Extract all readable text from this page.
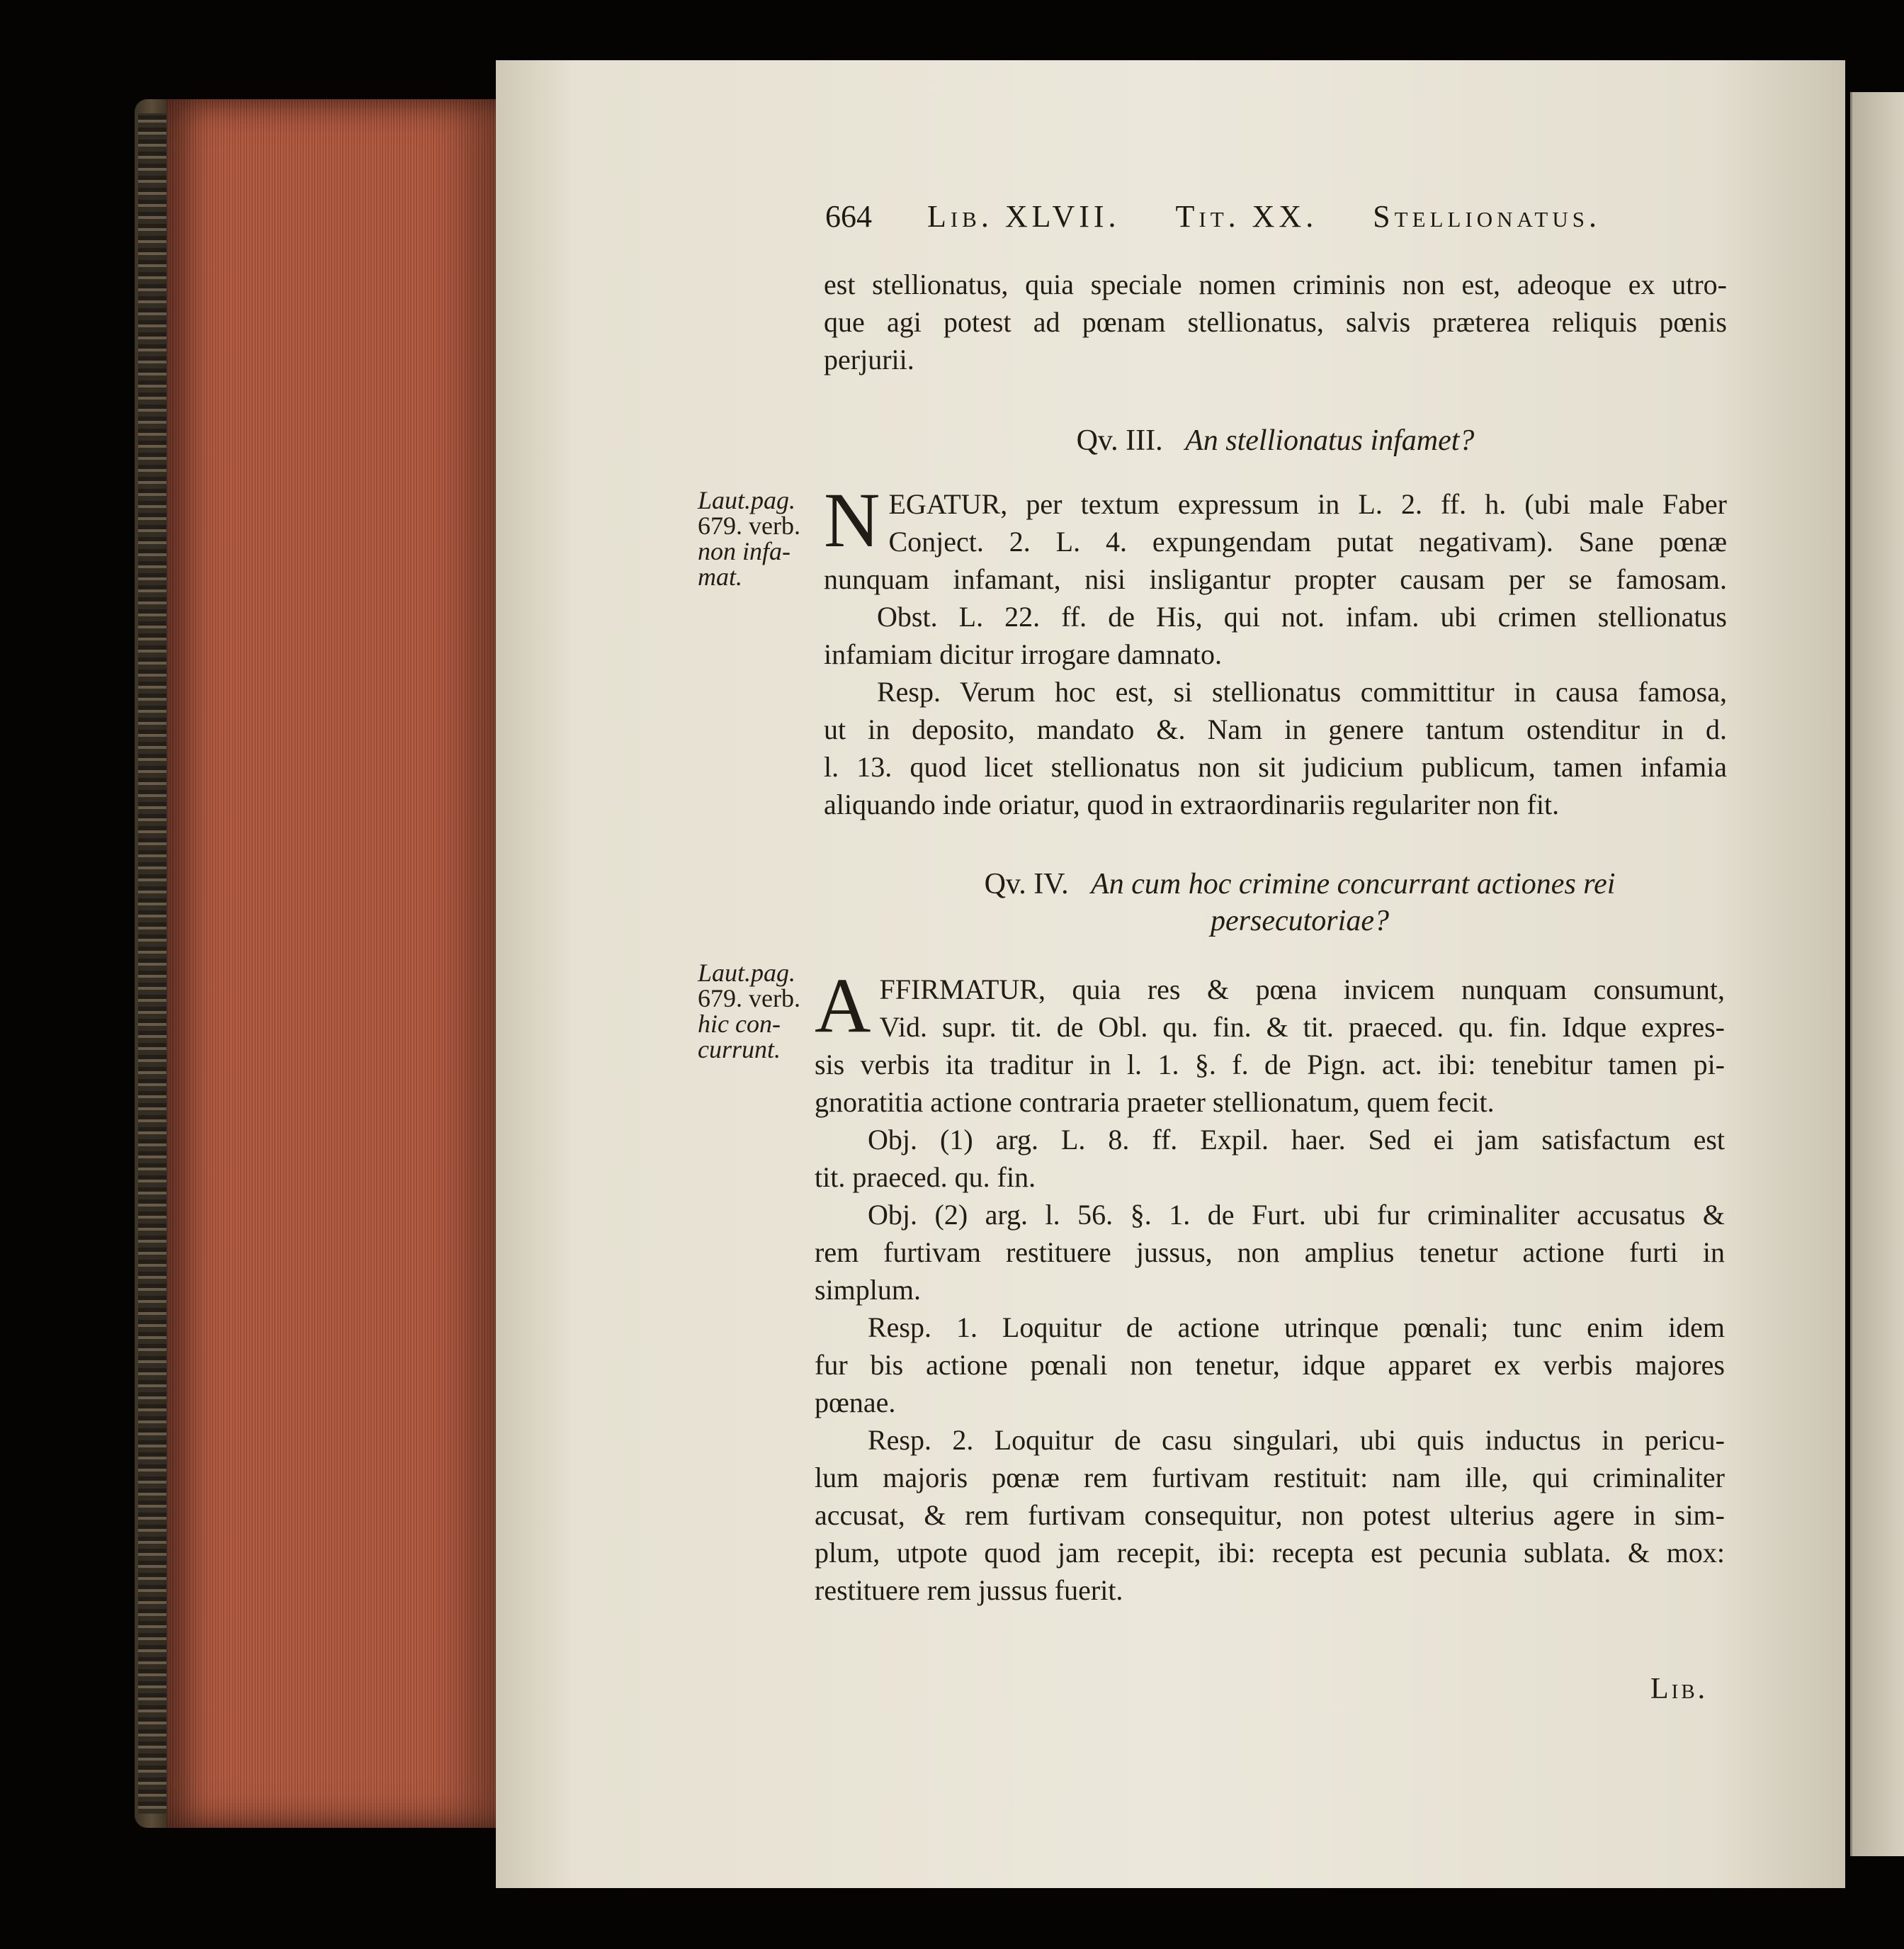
664 Lib. XLVII. Tit. XX. Stellionatus.
est stellionatus, quia speciale nomen criminis non est, adeoque ex utro-
que agi potest ad pœnam stellionatus, salvis præterea reliquis pœnis
perjurii.
Qv. III. An stellionatus infamet?
Laut.pag.
679. verb.
non infa-
mat.
N EGATUR, per textum expressum in L. 2. ff. h. (ubi male Faber
Conject. 2. L. 4. expungendam putat negativam). Sane pœnæ
nunquam infamant, nisi insligantur propter causam per se famosam.
Obst. L. 22. ff. de His, qui not. infam. ubi crimen stellionatus
infamiam dicitur irrogare damnato.
Resp. Verum hoc est, si stellionatus committitur in causa famosa,
ut in deposito, mandato &. Nam in genere tantum ostenditur in d.
l. 13. quod licet stellionatus non sit judicium publicum, tamen infamia
aliquando inde oriatur, quod in extraordinariis regulariter non fit.
Qv. IV. An cum hoc crimine concurrant actiones rei
persecutoriae?
Laut.pag.
679. verb.
hic con-
currunt.
A FFIRMATUR, quia res & pœna invicem nunquam consumunt,
Vid. supr. tit. de Obl. qu. fin. & tit. praeced. qu. fin. Idque expres-
sis verbis ita traditur in l. 1. §. f. de Pign. act. ibi: tenebitur tamen pi-
gnoratitia actione contraria praeter stellionatum, quem fecit.
Obj. (1) arg. L. 8. ff. Expil. haer. Sed ei jam satisfactum est
tit. praeced. qu. fin.
Obj. (2) arg. l. 56. §. 1. de Furt. ubi fur criminaliter accusatus &
rem furtivam restituere jussus, non amplius tenetur actione furti in
simplum.
Resp. 1. Loquitur de actione utrinque pœnali; tunc enim idem
fur bis actione pœnali non tenetur, idque apparet ex verbis majores
pœnae.
Resp. 2. Loquitur de casu singulari, ubi quis inductus in pericu-
lum majoris pœnæ rem furtivam restituit: nam ille, qui criminaliter
accusat, & rem furtivam consequitur, non potest ulterius agere in sim-
plum, utpote quod jam recepit, ibi: recepta est pecunia sublata. & mox:
restituere rem jussus fuerit.
Lib.
